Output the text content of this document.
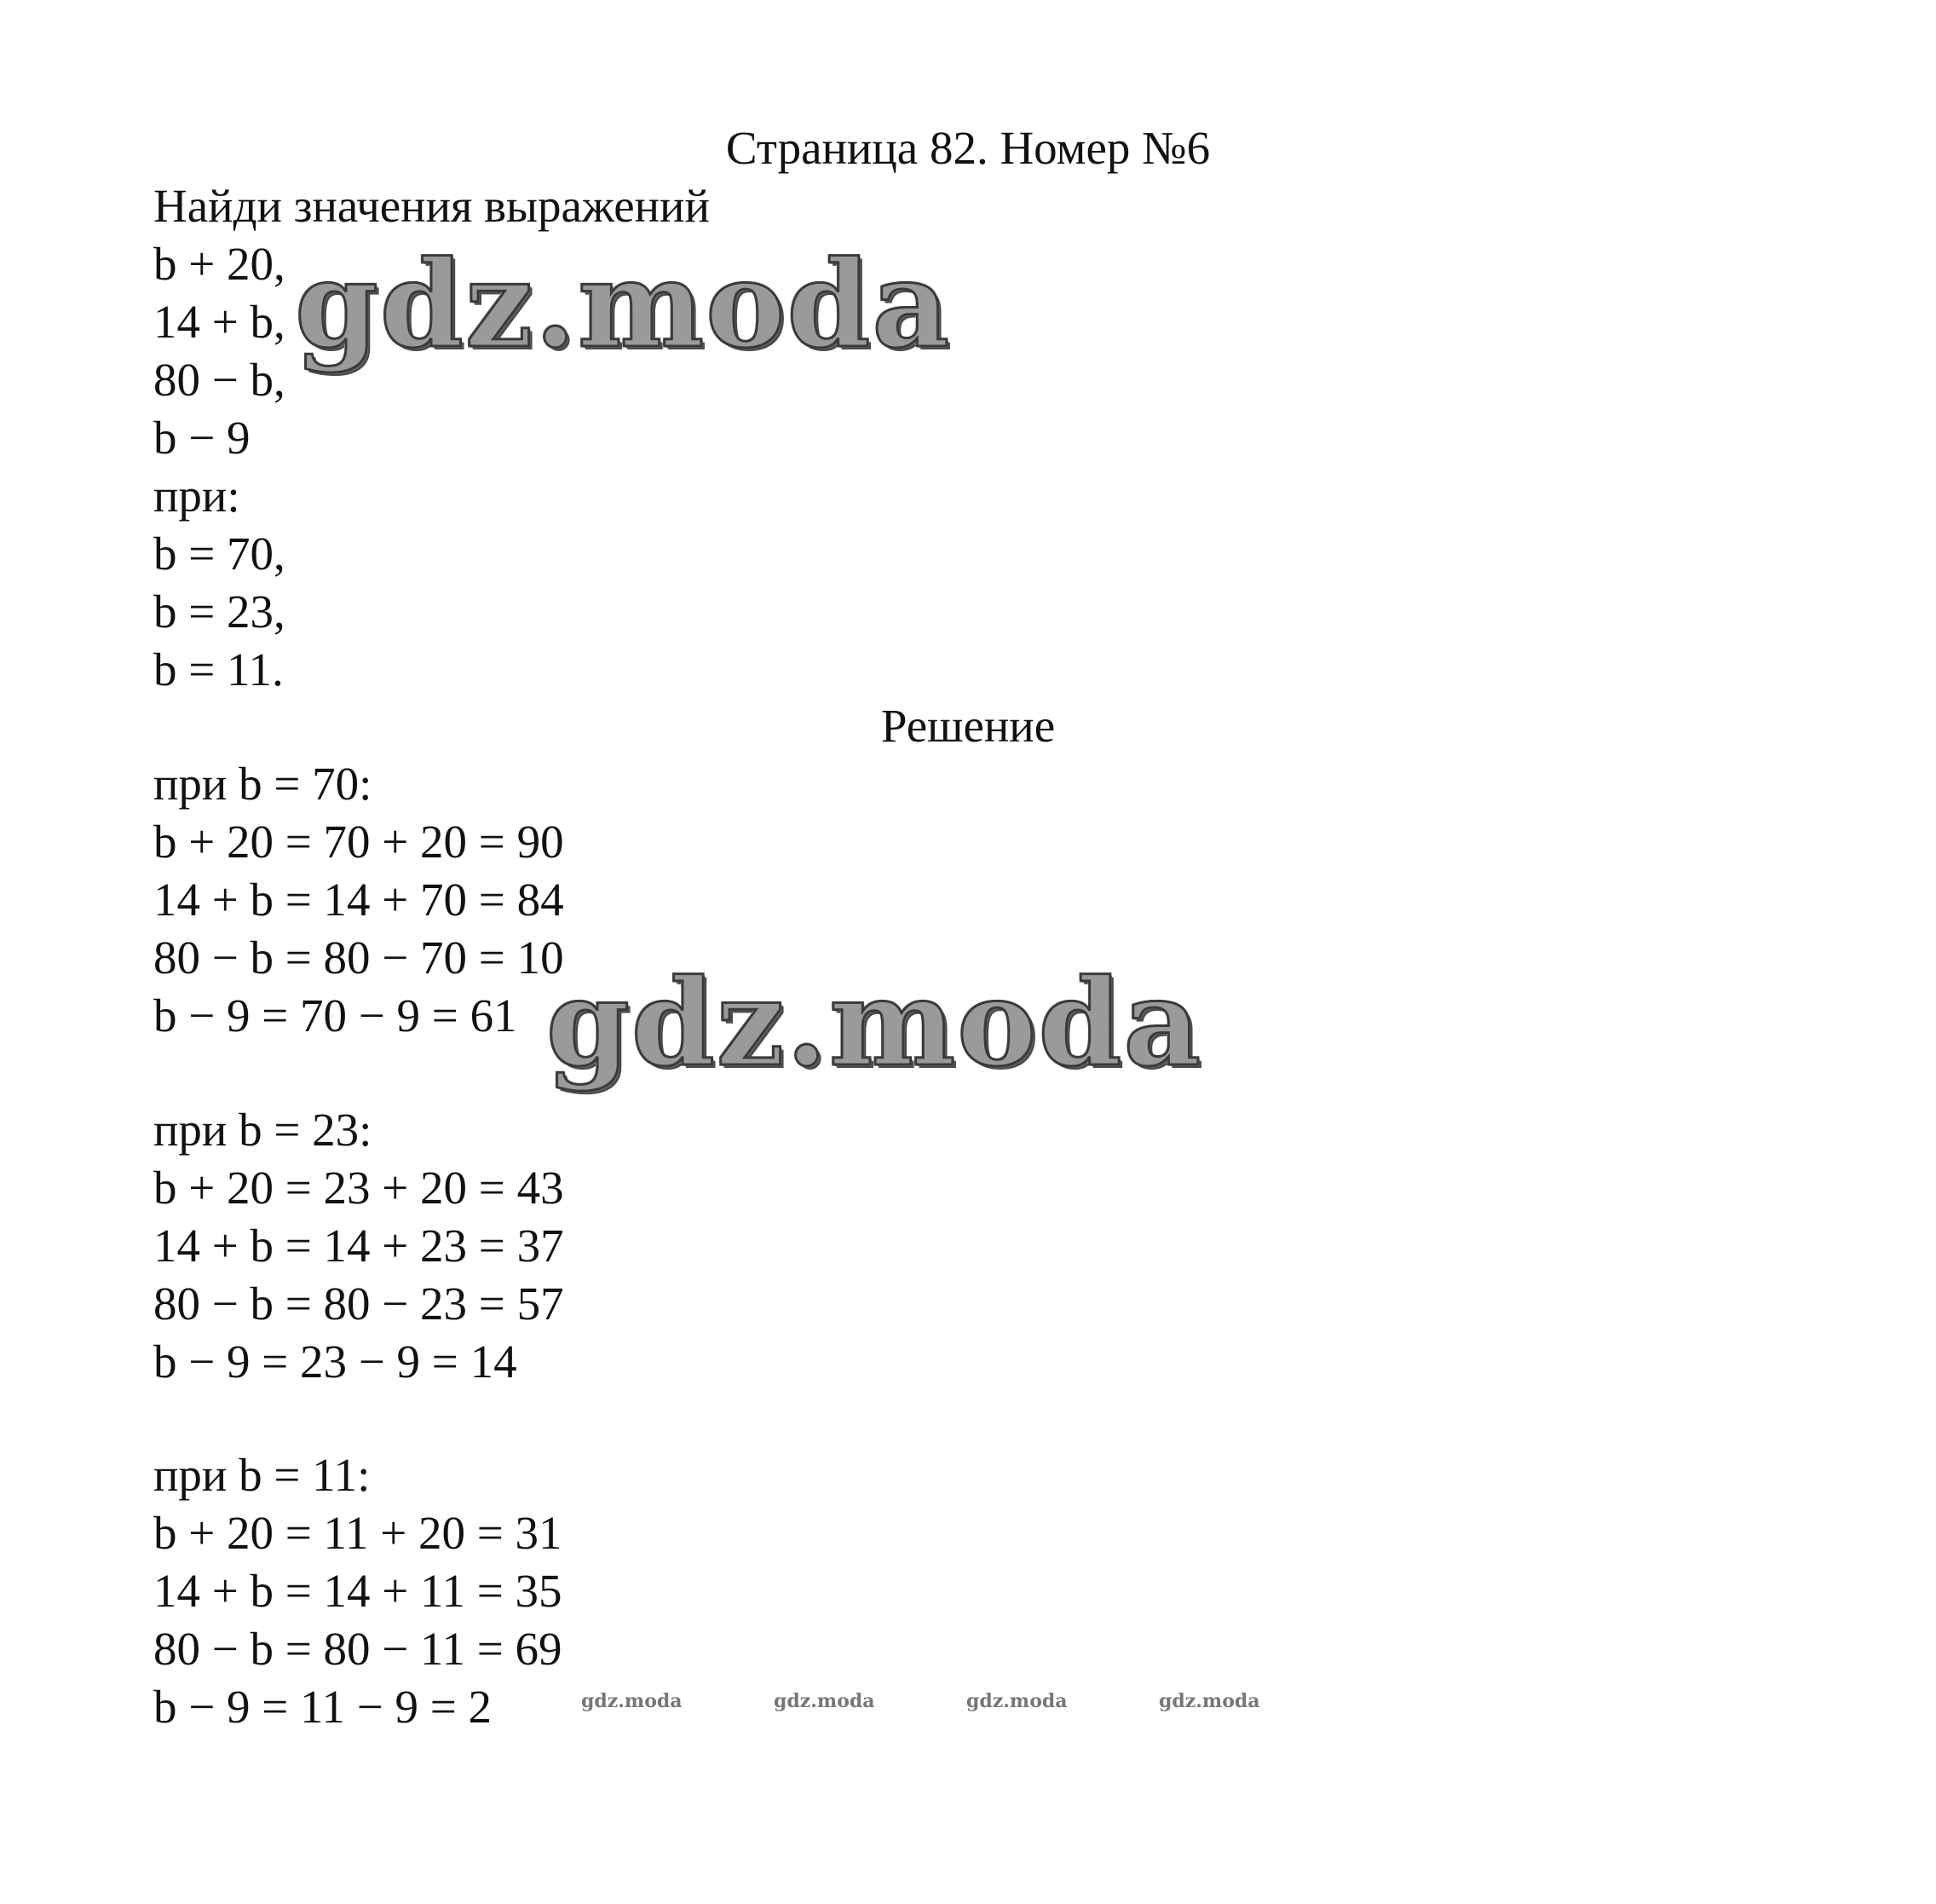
Страница 82. Номер №6
Найди значения выражений
b + 20,
14 + b,
80 − b,
b − 9
при:
b = 70,
b = 23,
b = 11.
Решение
при b = 70:
b + 20 = 70 + 20 = 90
14 + b = 14 + 70 = 84
80 − b = 80 − 70 = 10
b − 9 = 70 − 9 = 61
при b = 23:
b + 20 = 23 + 20 = 43
14 + b = 14 + 23 = 37
80 − b = 80 − 23 = 57
b − 9 = 23 − 9 = 14
при b = 11:
b + 20 = 11 + 20 = 31
14 + b = 14 + 11 = 35
80 − b = 80 − 11 = 69
b − 9 = 11 − 9 = 2
gdz.moda
gdz.moda
gdz.moda	gdz.moda	gdz.moda	gdz.moda
